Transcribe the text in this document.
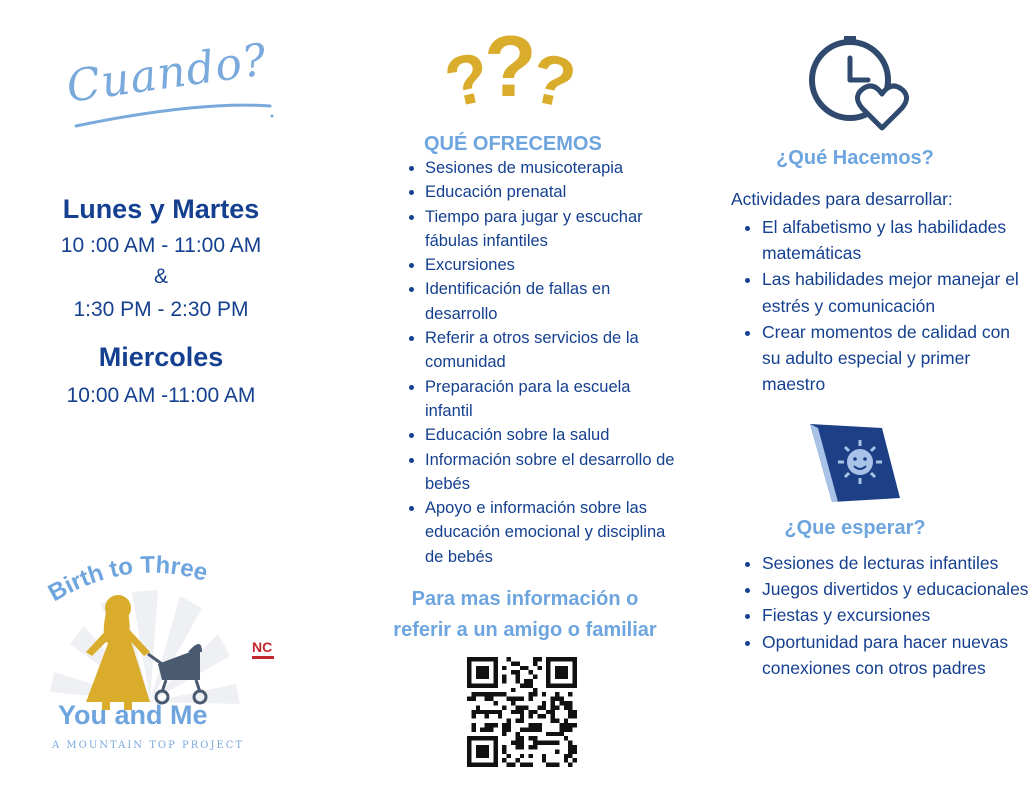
Cuando?
Lunes y Martes
10 :00 AM - 11:00 AM
&
1:30 PM - 2:30 PM
Miercoles
10:00 AM -11:00 AM
Birth to Three
NC
You and Me
A MOUNTAIN TOP PROJECT
?
?
?
QUÉ OFRECEMOS
• Sesiones de musicoterapia
• Educación prenatal
• Tiempo para jugar y escuchar fábulas infantiles
• Excursiones
• Identificación de fallas en desarrollo
• Referir a otros servicios de la comunidad
• Preparación para la escuela infantil
• Educación sobre la salud
• Información sobre el desarrollo de bebés
• Apoyo e información sobre las educación emocional y disciplina de bebés
Para mas información o
referir a un amigo o familiar
¿Qué Hacemos?
Actividades para desarrollar:
• El alfabetismo y las habilidades matemáticas
• Las habilidades mejor manejar el estrés y comunicación
• Crear momentos de calidad con su adulto especial y primer maestro
¿Que esperar?
• Sesiones de lecturas infantiles
• Juegos divertidos y educacionales
• Fiestas y excursiones
• Oportunidad para hacer nuevas conexiones con otros padres
